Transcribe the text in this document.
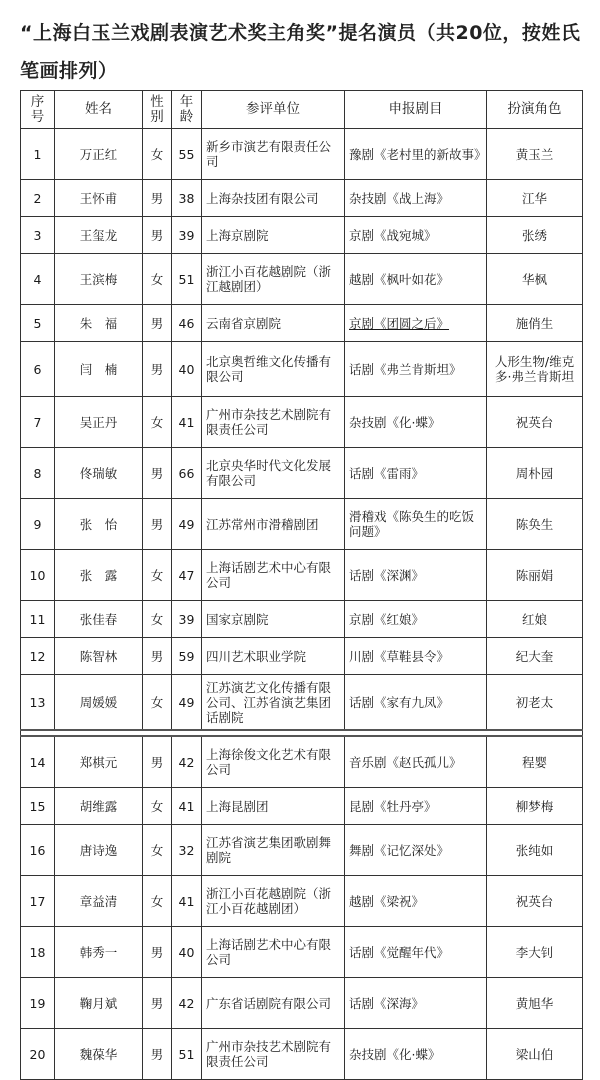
“上海白玉兰戏剧表演艺术奖主角奖”提名演员（共20位，按姓氏笔画排列）
序号	姓名	性别	年龄	参评单位	申报剧目	扮演角色
1	万正红	女	55	新乡市演艺有限责任公司	豫剧《老村里的新故事》	黄玉兰
2	王怀甫	男	38	上海杂技团有限公司	杂技剧《战上海》	江华
3	王玺龙	男	39	上海京剧院	京剧《战宛城》	张绣
4	王滨梅	女	51	浙江小百花越剧院（浙江越剧团）	越剧《枫叶如花》	华枫
5	朱　福	男	46	云南省京剧院	京剧《团圆之后》	施俏生
6	闫　楠	男	40	北京奥哲维文化传播有限公司	话剧《弗兰肯斯坦》	人形生物/维克多·弗兰肯斯坦
7	吴正丹	女	41	广州市杂技艺术剧院有限责任公司	杂技剧《化·蝶》	祝英台
8	佟瑞敏	男	66	北京央华时代文化发展有限公司	话剧《雷雨》	周朴园
9	张　怡	男	49	江苏常州市滑稽剧团	滑稽戏《陈奂生的吃饭问题》	陈奂生
10	张　露	女	47	上海话剧艺术中心有限公司	话剧《深渊》	陈丽娟
11	张佳春	女	39	国家京剧院	京剧《红娘》	红娘
12	陈智林	男	59	四川艺术职业学院	川剧《草鞋县令》	纪大奎
13	周媛媛	女	49	江苏演艺文化传播有限公司、江苏省演艺集团话剧院	话剧《家有九凤》	初老太

14	郑棋元	男	42	上海徐俊文化艺术有限公司	音乐剧《赵氏孤儿》	程婴
15	胡维露	女	41	上海昆剧团	昆剧《牡丹亭》	柳梦梅
16	唐诗逸	女	32	江苏省演艺集团歌剧舞剧院	舞剧《记忆深处》	张纯如
17	章益清	女	41	浙江小百花越剧院（浙江小百花越剧团）	越剧《梁祝》	祝英台
18	韩秀一	男	40	上海话剧艺术中心有限公司	话剧《觉醒年代》	李大钊
19	鞠月斌	男	42	广东省话剧院有限公司	话剧《深海》	黄旭华
20	魏葆华	男	51	广州市杂技艺术剧院有限责任公司	杂技剧《化·蝶》	梁山伯
